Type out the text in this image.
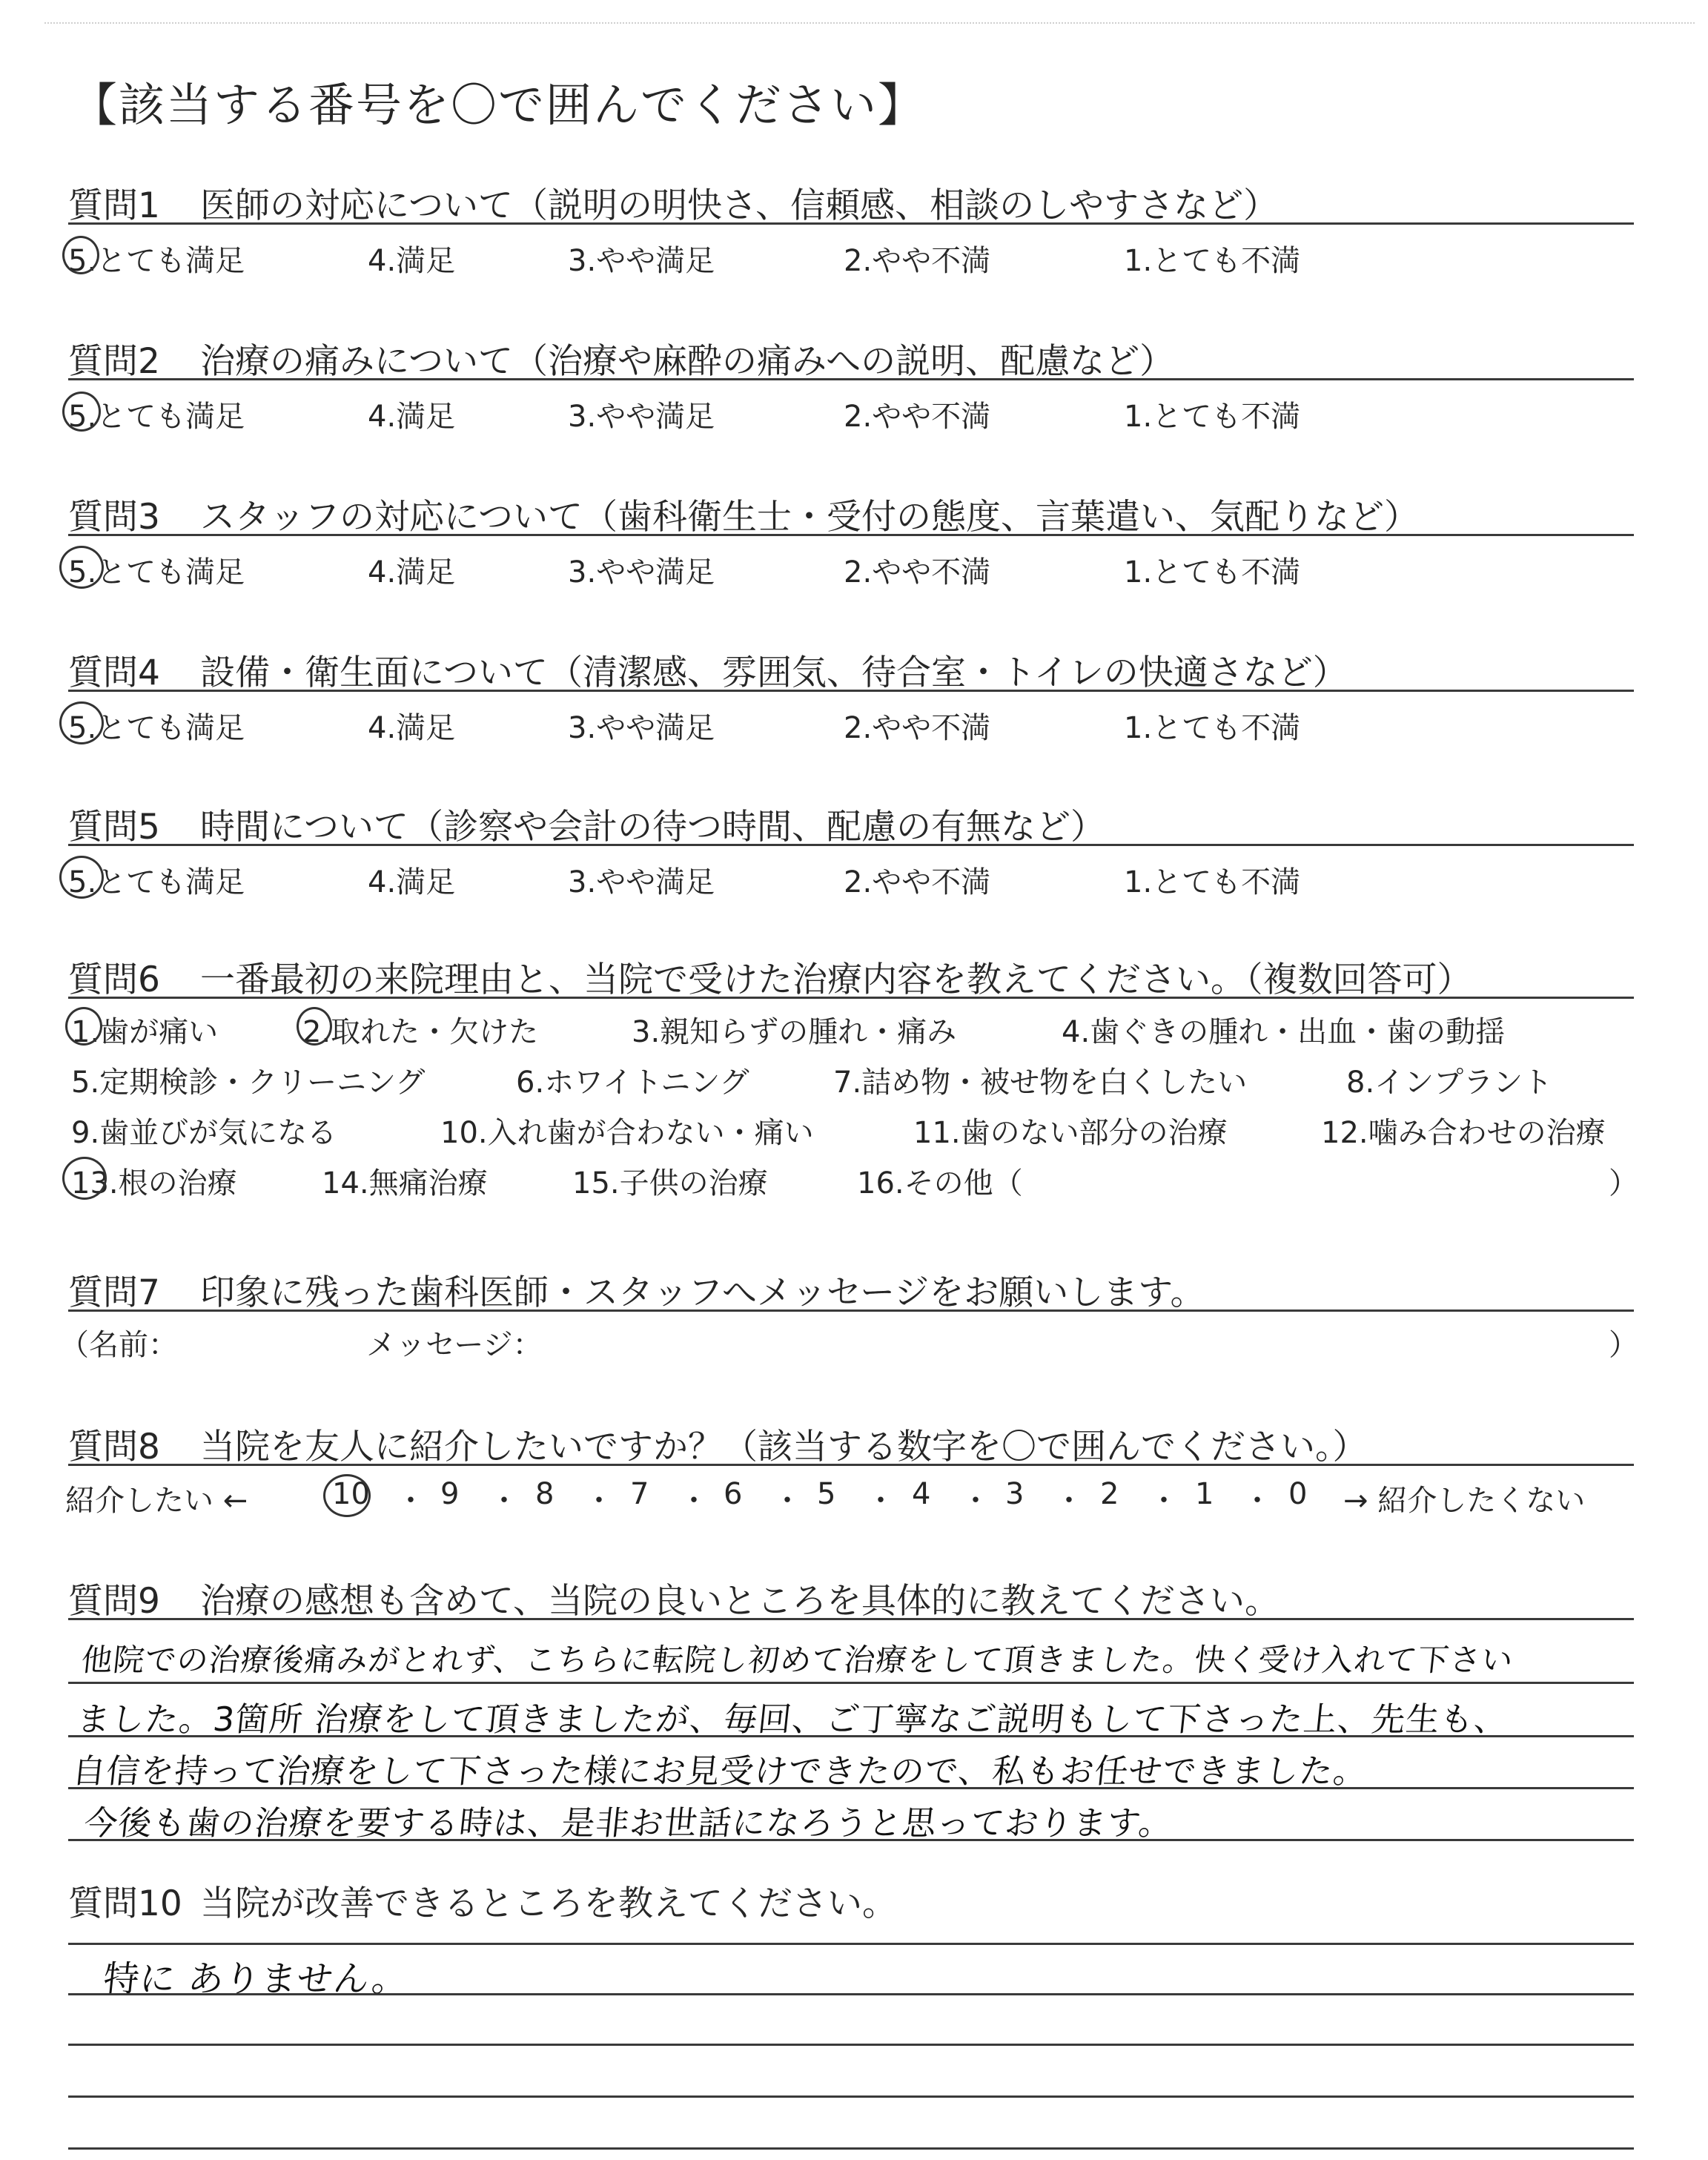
【該当する番号を〇で囲んでください】
質問1 医師の対応について（説明の明快さ、信頼感、相談のしやすさなど）
5.とても満足	4.満足	3.やや満足	2.やや不満	1.とても不満
質問2 治療の痛みについて（治療や麻酔の痛みへの説明、配慮など）
5.とても満足	4.満足	3.やや満足	2.やや不満	1.とても不満
質問3 スタッフの対応について（歯科衛生士・受付の態度、言葉遣い、気配りなど）
5.とても満足	4.満足	3.やや満足	2.やや不満	1.とても不満
質問4 設備・衛生面について（清潔感、雰囲気、待合室・トイレの快適さなど）
5.とても満足	4.満足	3.やや満足	2.やや不満	1.とても不満
質問5 時間について（診察や会計の待つ時間、配慮の有無など）
5.とても満足	4.満足	3.やや満足	2.やや不満	1.とても不満
質問6 一番最初の来院理由と、当院で受けた治療内容を教えてください。（複数回答可）
1.歯が痛い	2.取れた・欠けた	3.親知らずの腫れ・痛み	4.歯ぐきの腫れ・出血・歯の動揺
5.定期検診・クリーニング	6.ホワイトニング	7.詰め物・被せ物を白くしたい	8.インプラント
9.歯並びが気になる	10.入れ歯が合わない・痛い	11.歯のない部分の治療	12.噛み合わせの治療
13.根の治療	14.無痛治療	15.子供の治療	16.その他（	）
質問7 印象に残った歯科医師・スタッフへメッセージをお願いします。
（名前：	メッセージ：	）
質問8 当院を友人に紹介したいですか？（該当する数字を〇で囲んでください。）
紹介したい ←	10 ・ 9 ・ 8 ・ 7 ・ 6 ・ 5 ・ 4 ・ 3 ・ 2 ・ 1 ・ 0 → 紹介したくない
質問9 治療の感想も含めて、当院の良いところを具体的に教えてください。
他院での治療後痛みがとれず、こちらに転院し初めて治療をして頂きました。快く受け入れて下さい
ました。3箇所 治療をして頂きましたが、毎回、ご丁寧なご説明もして下さった上、先生も、
自信を持って治療をして下さった様にお見受けできたので、私もお任せできました。
今後も歯の治療を要する時は、是非お世話になろうと思っております。
質問10 当院が改善できるところを教えてください。
特に ありません。
